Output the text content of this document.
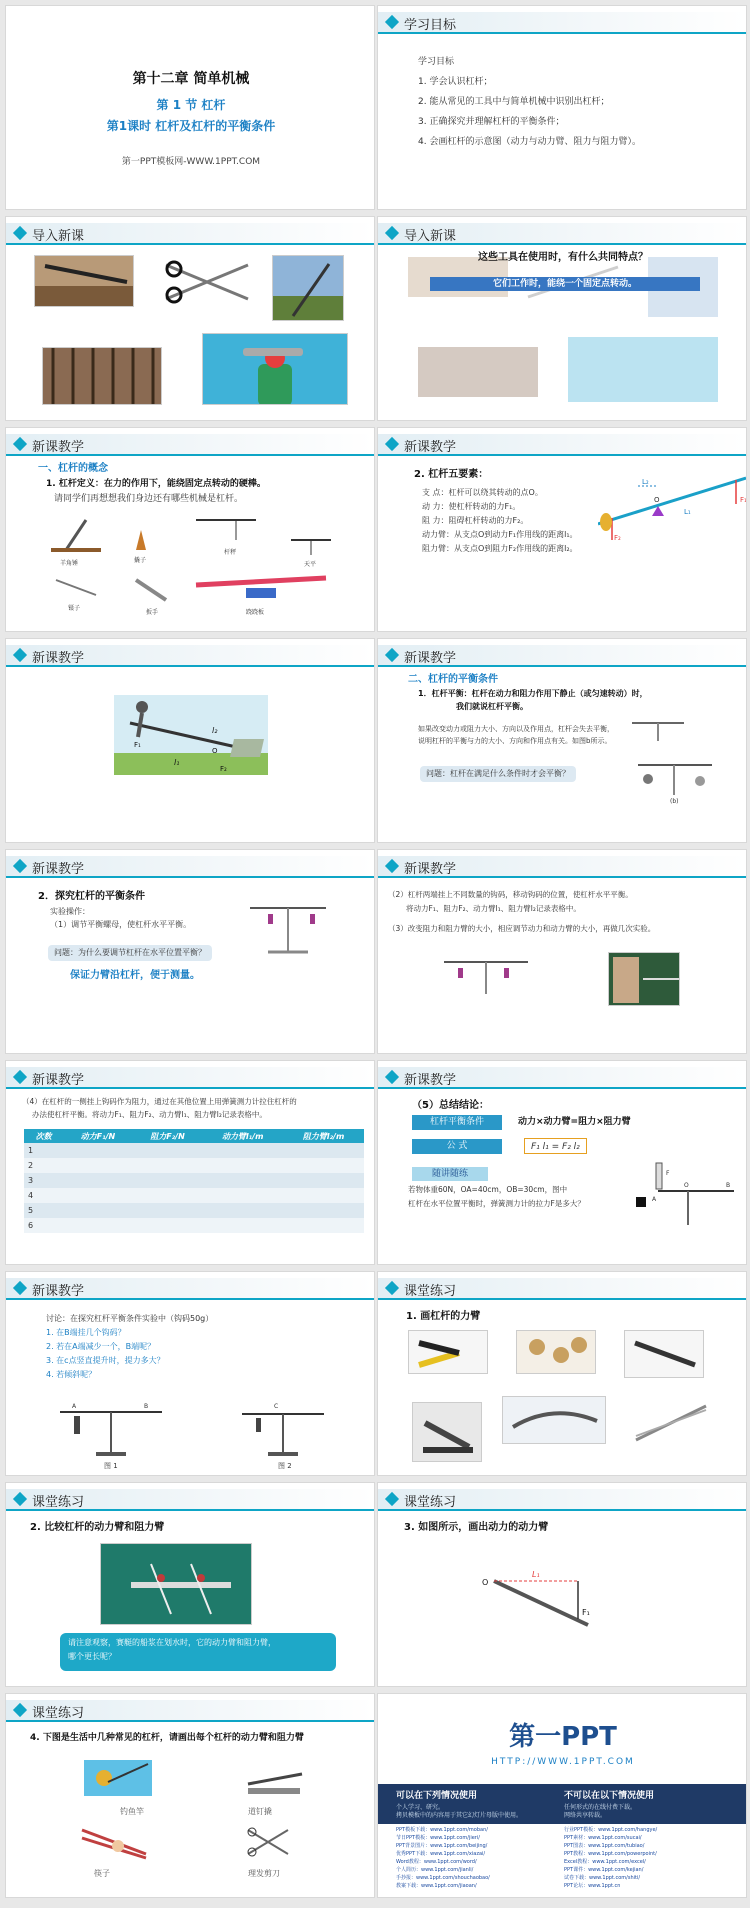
第十二章 简单机械
第 1 节 杠杆
第1课时 杠杆及杠杆的平衡条件
第一PPT模板网-WWW.1PPT.COM
学习目标
学习目标
1. 学会认识杠杆；
2. 能从常见的工具中与简单机械中识别出杠杆；
3. 正确探究并理解杠杆的平衡条件；
4. 会画杠杆的示意图（动力与动力臂、阻力与阻力臂）。
导入新课	导入新课
这些工具在使用时，有什么共同特点？
它们工作时，能绕一个固定点转动。
新课教学
一、杠杆的概念
1. 杠杆定义：在力的作用下，能绕固定点转动的硬棒。
请同学们再想想我们身边还有哪些机械是杠杆。
羊角锤	撬子
杆秤
天平
镊子
扳手	跷跷板
新课教学
2. 杠杆五要素：
支 点：杠杆可以绕其转动的点O。
动 力：使杠杆转动的力F₁。
阻 力：阻碍杠杆转动的力F₂。
动力臂：从支点O到动力F₁作用线的距离l₁。
阻力臂：从支点O到阻力F₂作用线的距离l₂。
L₂
L₁
F₁
F₂
O
新课教学
F₁
l₁
l₂
O
F₂
新课教学
二、杠杆的平衡条件
1．杠杆平衡：杠杆在动力和阻力作用下静止（或匀速转动）时，
我们就说杠杆平衡。
如果改变动力或阻力大小、方向以及作用点，杠杆会失去平衡，
说明杠杆的平衡与力的大小、方向和作用点有关。如图b所示。
问题：杠杆在满足什么条件时才会平衡？
(b)
新课教学
2．探究杠杆的平衡条件
实验操作：
（1）调节平衡螺母，使杠杆水平平衡。
问题：为什么要调节杠杆在水平位置平衡？
保证力臂沿杠杆，便于测量。
新课教学
（2）杠杆两端挂上不同数量的钩码，移动钩码的位置，使杠杆水平平衡。
将动力F₁、阻力F₂、动力臂l₁、阻力臂l₂记录表格中。
（3）改变阻力和阻力臂的大小，相应调节动力和动力臂的大小，再做几次实验。
新课教学
（4）在杠杆的一侧挂上钩码作为阻力，通过在其他位置上用弹簧测力计拉住杠杆的
办法使杠杆平衡。将动力F₁、阻力F₂、动力臂l₁、阻力臂l₂记录表格中。
次数	动力F₁/N	阻力F₂/N	动力臂l₁/m	阻力臂l₂/m
1				
2				
3				
4				
5				
6				
新课教学
（5）总结结论：
杠杆平衡条件	动力×动力臂=阻力×阻力臂
公 式	F₁ l₁ = F₂ l₂
随讲随练
若物体重60N，OA=40cm，OB=30cm，图中
杠杆在水平位置平衡时，弹簧测力计的拉力F是多大？
F
A
O	B
新课教学
讨论：在探究杠杆平衡条件实验中（钩码50g）
1. 在B端挂几个钩码？
2. 若在A端减少一个，B端呢？
3. 在c点竖直提升时，提力多大？
4. 若倾斜呢？
A	B
图 1
C
图 2
课堂练习
1. 画杠杆的力臂
课堂练习
2. 比较杠杆的动力臂和阻力臂
请注意观察，赛艇的船浆在划水时，它的动力臂和阻力臂，
哪个更长呢？
课堂练习
3. 如图所示，画出动力的动力臂
O
L₁
F₁
课堂练习
4. 下图是生活中几种常见的杠杆，请画出每个杠杆的动力臂和阻力臂
钓鱼竿	道钉撬
筷子	理发剪刀
第一PPT
HTTP://WWW.1PPT.COM
可以在下列情况使用
个人学习、研究。
拷贝模板中的内容用于其它幻灯片母版中使用。
不可以在以下情况使用
任何形式的在线付费下载。
网络共享转载。
PPT模板下载：www.1ppt.com/moban/
节日PPT模板：www.1ppt.com/jieri/
PPT背景图片：www.1ppt.com/beijing/
优秀PPT下载：www.1ppt.com/xiazai/
Word教程：www.1ppt.com/word/
个人简历：www.1ppt.com/jianli/
手抄报：www.1ppt.com/shouchaobao/
教案下载：www.1ppt.com/jiaoan/
行业PPT模板：www.1ppt.com/hangye/
PPT素材：www.1ppt.com/sucai/
PPT图表：www.1ppt.com/tubiao/
PPT教程：www.1ppt.com/powerpoint/
Excel教程：www.1ppt.com/excel/
PPT课件：www.1ppt.com/kejian/
试卷下载：www.1ppt.com/shiti/
PPT论坛：www.1ppt.cn
